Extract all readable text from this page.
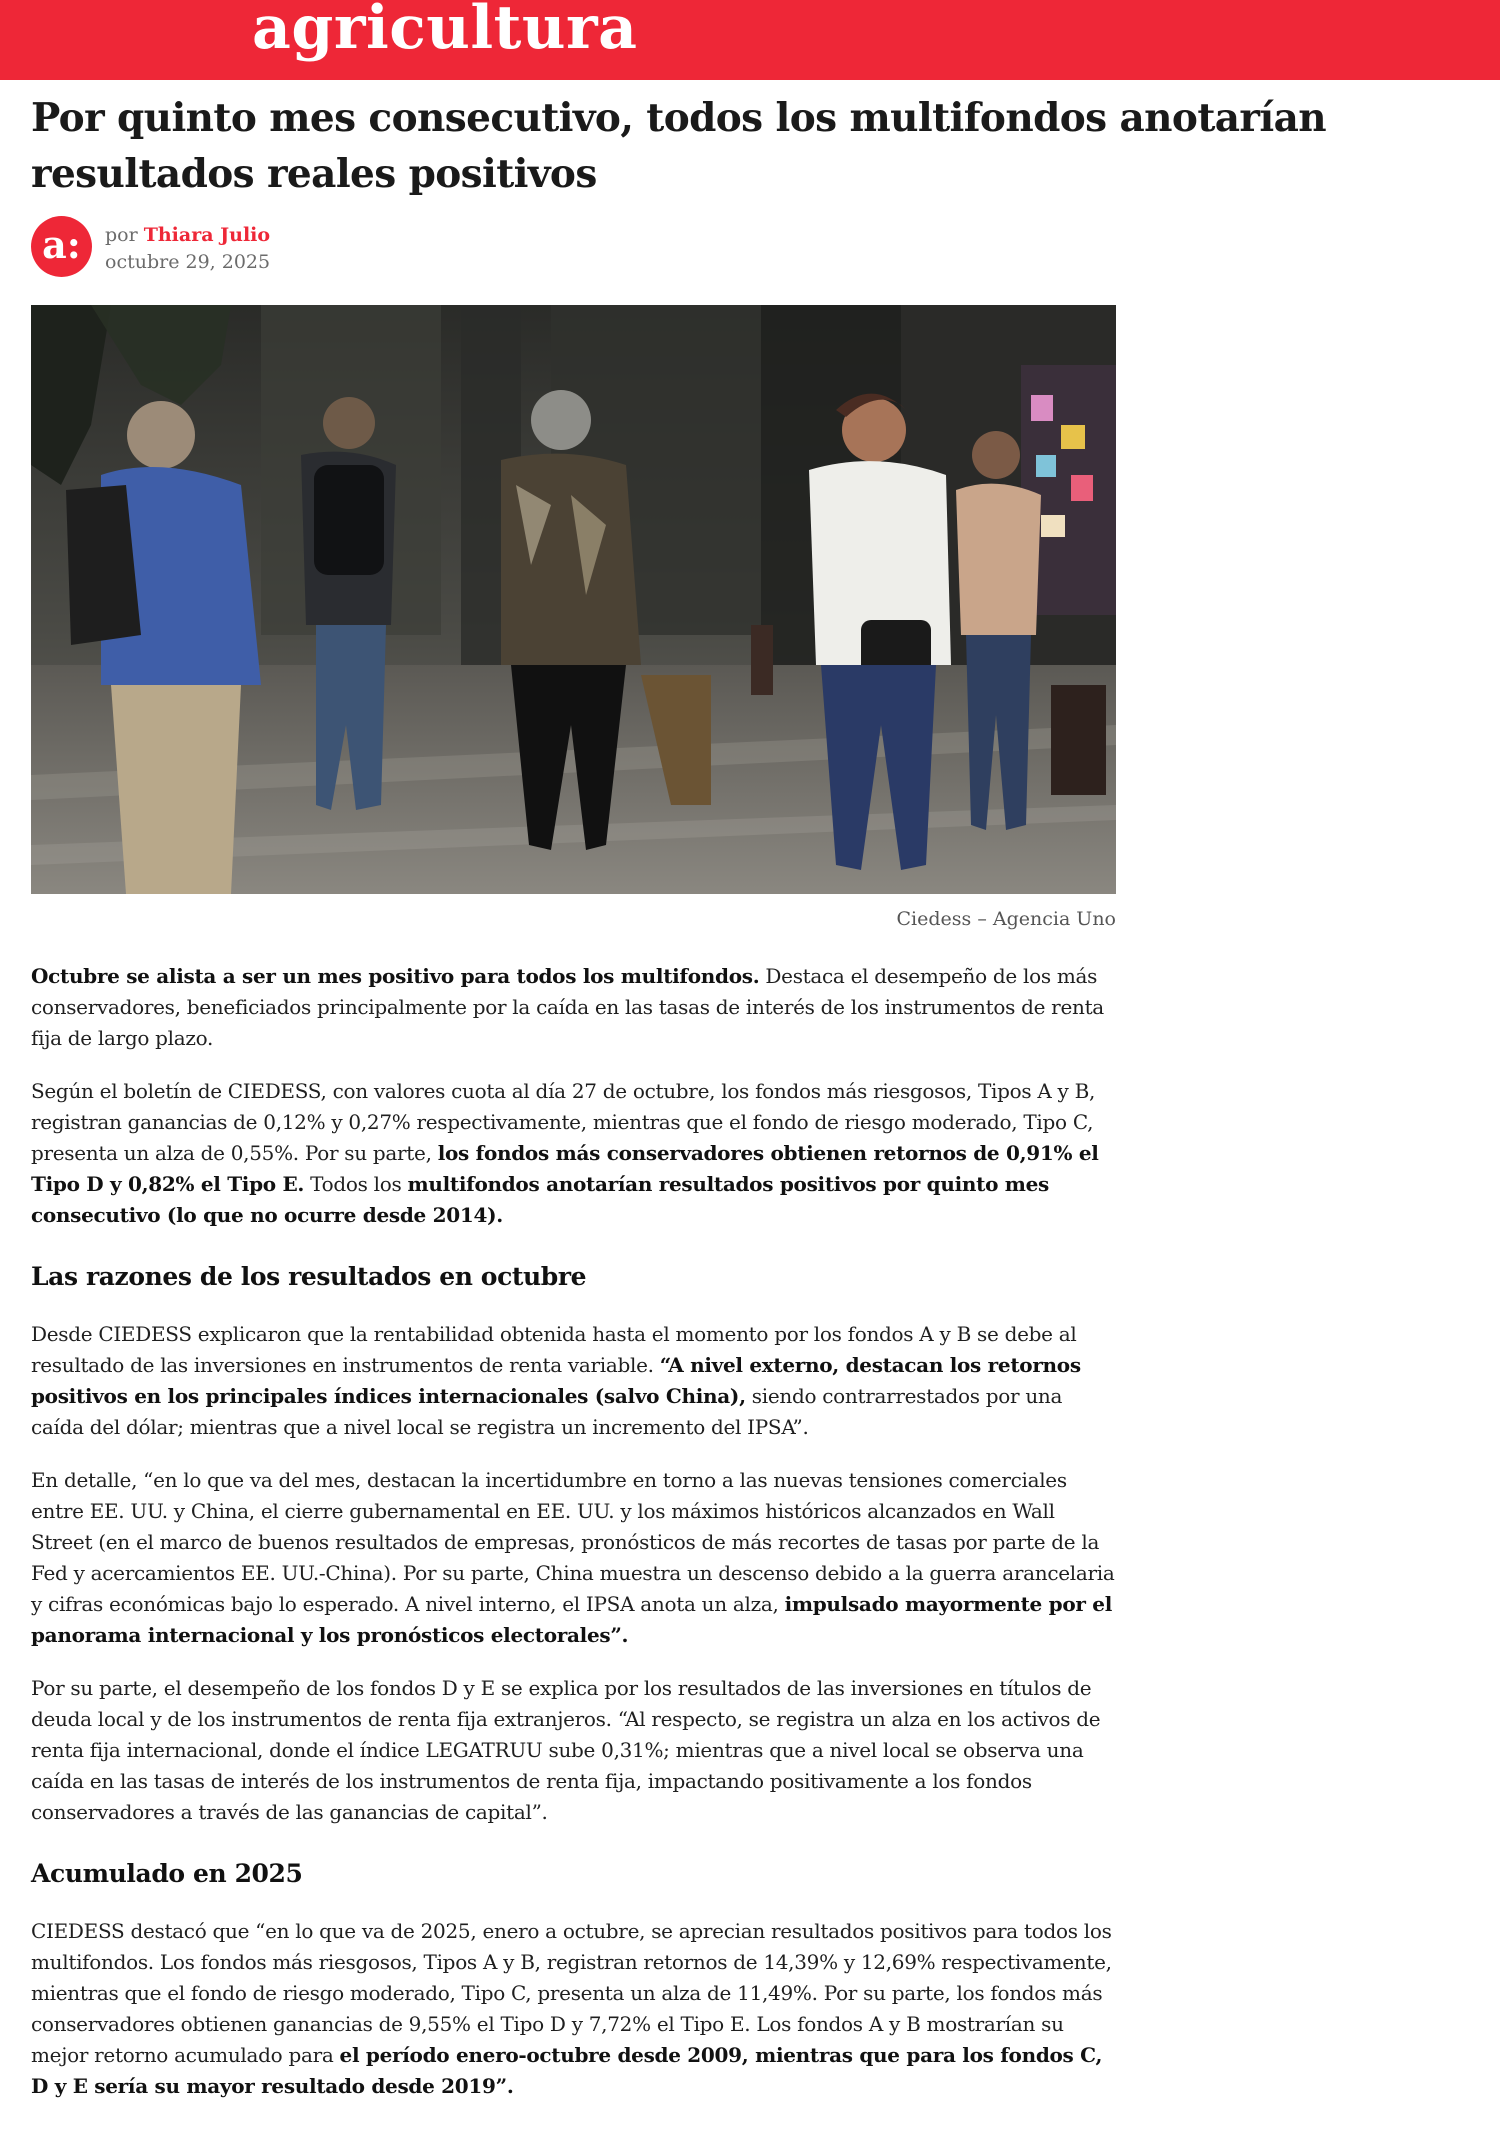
agricultura
Por quinto mes consecutivo, todos los multifondos anotarían resultados reales positivos
a:	por Thiara Julio
octubre 29, 2025
Ciedess – Agencia Uno

Octubre se alista a ser un mes positivo para todos los multifondos. Destaca el desempeño de los más conservadores, beneficiados principalmente por la caída en las tasas de interés de los instrumentos de renta fija de largo plazo.

Según el boletín de CIEDESS, con valores cuota al día 27 de octubre, los fondos más riesgosos, Tipos A y B, registran ganancias de 0,12% y 0,27% respectivamente, mientras que el fondo de riesgo moderado, Tipo C, presenta un alza de 0,55%. Por su parte, los fondos más conservadores obtienen retornos de 0,91% el Tipo D y 0,82% el Tipo E. Todos los multifondos anotarían resultados positivos por quinto mes consecutivo (lo que no ocurre desde 2014).

Las razones de los resultados en octubre

Desde CIEDESS explicaron que la rentabilidad obtenida hasta el momento por los fondos A y B se debe al resultado de las inversiones en instrumentos de renta variable. “A nivel externo, destacan los retornos positivos en los principales índices internacionales (salvo China), siendo contrarrestados por una caída del dólar; mientras que a nivel local se registra un incremento del IPSA”.

En detalle, “en lo que va del mes, destacan la incertidumbre en torno a las nuevas tensiones comerciales entre EE. UU. y China, el cierre gubernamental en EE. UU. y los máximos históricos alcanzados en Wall Street (en el marco de buenos resultados de empresas, pronósticos de más recortes de tasas por parte de la Fed y acercamientos EE. UU.-China). Por su parte, China muestra un descenso debido a la guerra arancelaria y cifras económicas bajo lo esperado. A nivel interno, el IPSA anota un alza, impulsado mayormente por el panorama internacional y los pronósticos electorales”.

Por su parte, el desempeño de los fondos D y E se explica por los resultados de las inversiones en títulos de deuda local y de los instrumentos de renta fija extranjeros. “Al respecto, se registra un alza en los activos de renta fija internacional, donde el índice LEGATRUU sube 0,31%; mientras que a nivel local se observa una caída en las tasas de interés de los instrumentos de renta fija, impactando positivamente a los fondos conservadores a través de las ganancias de capital”.

Acumulado en 2025

CIEDESS destacó que “en lo que va de 2025, enero a octubre, se aprecian resultados positivos para todos los multifondos. Los fondos más riesgosos, Tipos A y B, registran retornos de 14,39% y 12,69% respectivamente, mientras que el fondo de riesgo moderado, Tipo C, presenta un alza de 11,49%. Por su parte, los fondos más conservadores obtienen ganancias de 9,55% el Tipo D y 7,72% el Tipo E. Los fondos A y B mostrarían su mejor retorno acumulado para el período enero-octubre desde 2009, mientras que para los fondos C, D y E sería su mayor resultado desde 2019”.
